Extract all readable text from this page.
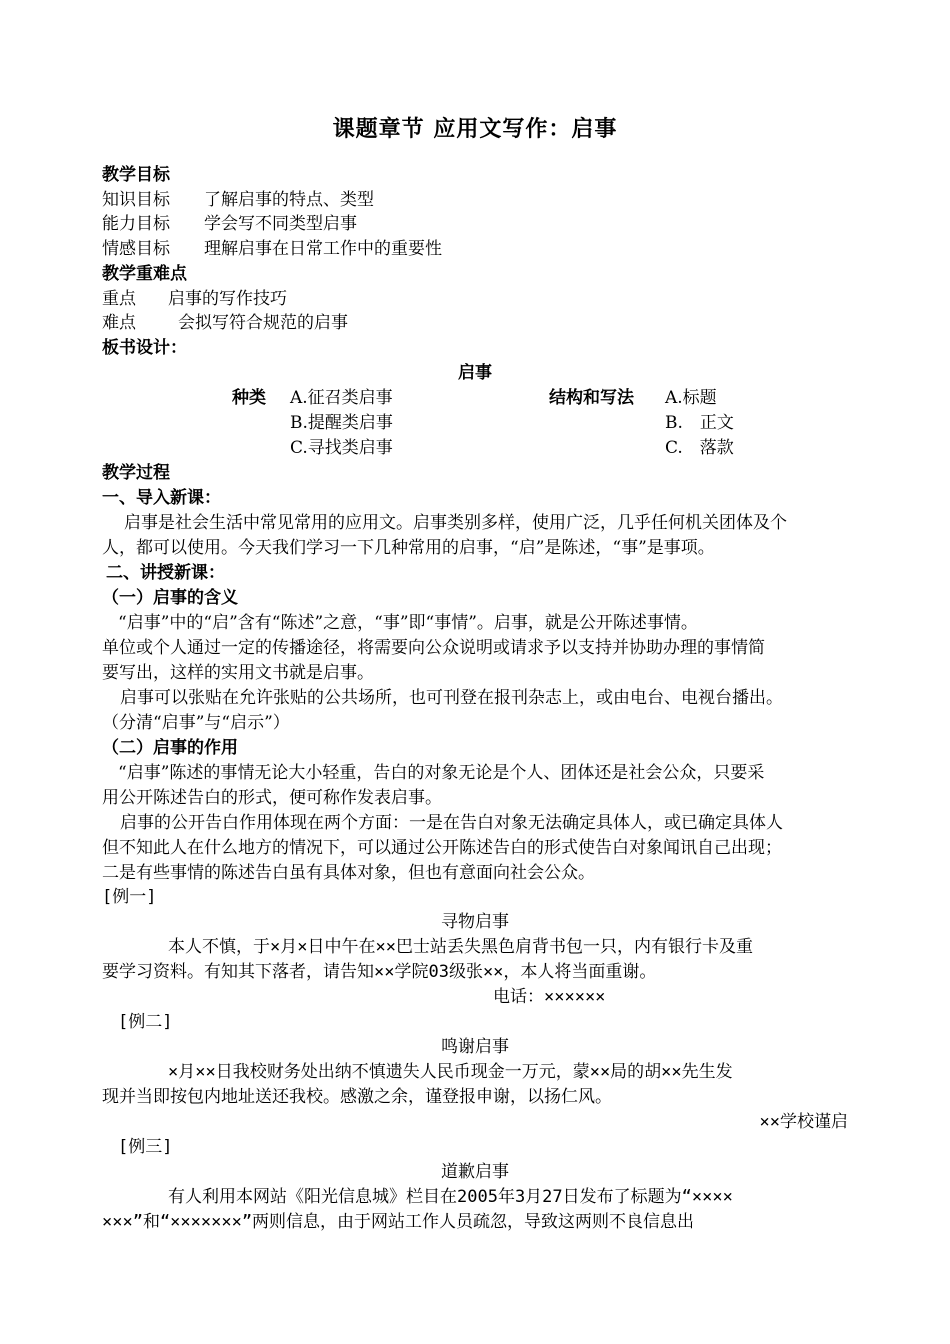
课题章节 应用文写作：启事
教学目标
知识目标 了解启事的特点、类型
能力目标 学会写不同类型启事
情感目标 理解启事在日常工作中的重要性
教学重难点
重点 启事的写作技巧
难点 会拟写符合规范的启事
板书设计：
启事
种类 A.征召类启事
B.提醒类启事
C.寻找类启事
结构和写法 A.标题
B.　正文
C.　落款
教学过程
一、导入新课：
启事是社会生活中常见常用的应用文。启事类别多样，使用广泛，几乎任何机关团体及个
人，都可以使用。今天我们学习一下几种常用的启事，“启”是陈述，“事”是事项。
二、讲授新课：
（一）启事的含义
“启事”中的“启”含有“陈述”之意，“事”即“事情”。启事，就是公开陈述事情。
单位或个人通过一定的传播途径，将需要向公众说明或请求予以支持并协助办理的事情简
要写出，这样的实用文书就是启事。
启事可以张贴在允许张贴的公共场所，也可刊登在报刊杂志上，或由电台、电视台播出。
（分清“启事”与“启示”）
（二）启事的作用
“启事”陈述的事情无论大小轻重，告白的对象无论是个人、团体还是社会公众，只要采
用公开陈述告白的形式，便可称作发表启事。
启事的公开告白作用体现在两个方面：一是在告白对象无法确定具体人，或已确定具体人
但不知此人在什么地方的情况下，可以通过公开陈述告白的形式使告白对象闻讯自己出现；
二是有些事情的陈述告白虽有具体对象，但也有意面向社会公众。
[例一]
寻物启事
本人不慎，于×月×日中午在××巴士站丢失黑色肩背书包一只，内有银行卡及重
要学习资料。有知其下落者，请告知××学院03级张××，本人将当面重谢。
电话：××××××
[例二]
鸣谢启事
×月××日我校财务处出纳不慎遗失人民币现金一万元，蒙××局的胡××先生发
现并当即按包内地址送还我校。感激之余，谨登报申谢，以扬仁风。
××学校谨启
[例三]
道歉启事
有人利用本网站《阳光信息城》栏目在2005年3月27日发布了标题为“××××
×××”和“×××××××”两则信息，由于网站工作人员疏忽，导致这两则不良信息出
